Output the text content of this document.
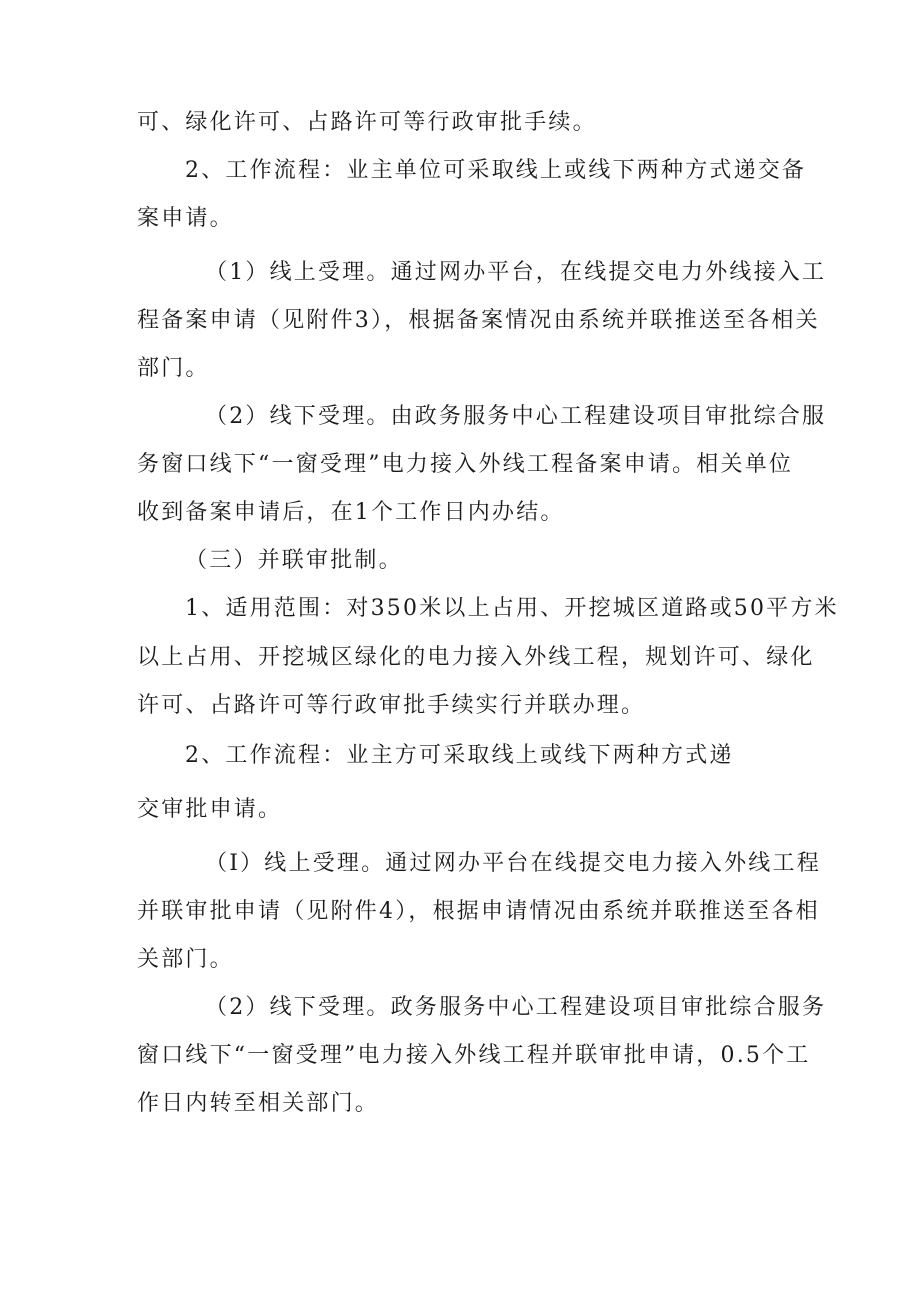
可、绿化许可、占路许可等行政审批手续。
2、工作流程：业主单位可采取线上或线下两种方式递交备
案申请。
（1）线上受理。通过网办平台，在线提交电力外线接入工
程备案申请（见附件3），根据备案情况由系统并联推送至各相关
部门。
（2）线下受理。由政务服务中心工程建设项目审批综合服
务窗口线下“一窗受理”电力接入外线工程备案申请。相关单位
收到备案申请后，在1个工作日内办结。
（三）并联审批制。
1、适用范围：对350米以上占用、开挖城区道路或50平方米
以上占用、开挖城区绿化的电力接入外线工程，规划许可、绿化
许可、占路许可等行政审批手续实行并联办理。
2、工作流程：业主方可采取线上或线下两种方式递
交审批申请。
（I）线上受理。通过网办平台在线提交电力接入外线工程
并联审批申请（见附件4），根据申请情况由系统并联推送至各相
关部门。
（2）线下受理。政务服务中心工程建设项目审批综合服务
窗口线下“一窗受理”电力接入外线工程并联审批申请，0.5个工
作日内转至相关部门。
